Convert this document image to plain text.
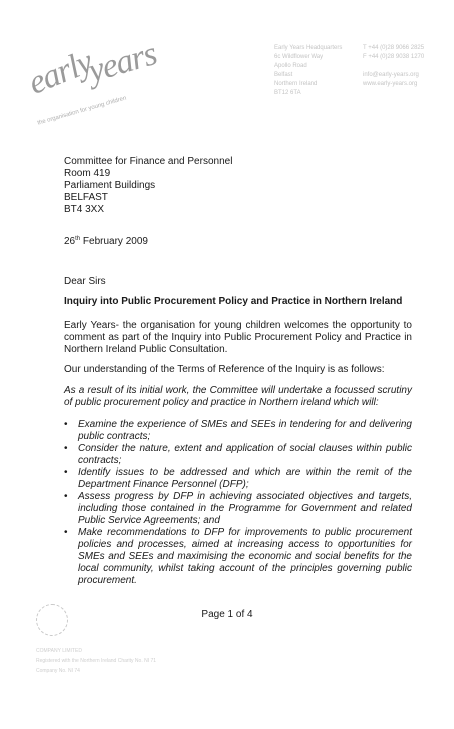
early
years
the organisation for young children
Early Years Headquarters
6c Wildflower Way
Apollo Road
Belfast
Northern Ireland
BT12 6TA
T +44 (0)28 9066 2825
F +44 (0)28 9038 1270

info@early-years.org
www.early-years.org
Committee for Finance and Personnel
Room 419
Parliament Buildings
BELFAST
BT4 3XX
26th February 2009
Dear Sirs
Inquiry into Public Procurement Policy and Practice in Northern Ireland
Early Years- the organisation for young children welcomes the opportunity to comment as part of the Inquiry into Public Procurement Policy and Practice in Northern Ireland Public Consultation.
Our understanding of the Terms of Reference of the Inquiry is as follows:
As a result of its initial work, the Committee will undertake a focussed scrutiny of public procurement policy and practice in Northern ireland which will:
• Examine the experience of SMEs and SEEs in tendering for and delivering public contracts;
• Consider the nature, extent and application of social clauses within public contracts;
• Identify issues to be addressed and which are within the remit of the Department Finance Personnel (DFP);
• Assess progress by DFP in achieving associated objectives and targets, including those contained in the Programme for Government and related Public Service Agreements; and
• Make recommendations to DFP for improvements to public procurement policies and processes, aimed at increasing access to opportunities for SMEs and SEEs and maximising the economic and social benefits for the local community, whilst taking account of the principles governing public procurement.
Page 1 of 4
COMPANY LIMITED
Registered with the Northern Ireland Charity No. NI 71
Company No. NI 74
